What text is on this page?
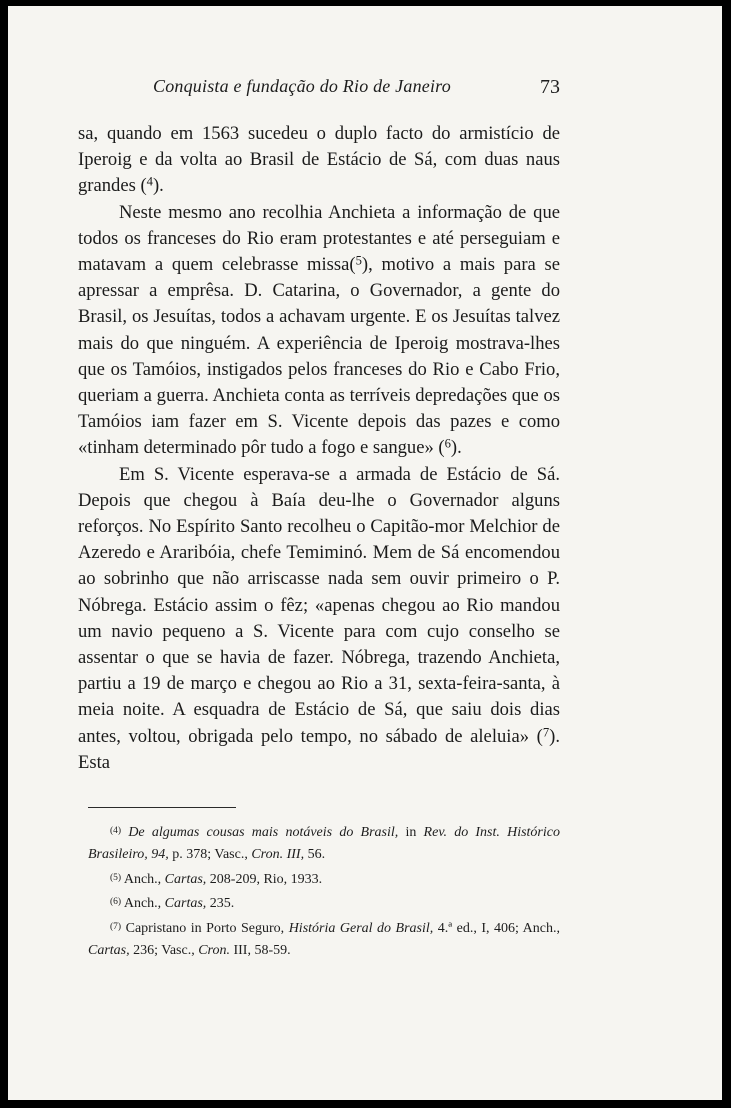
Conquista e fundação do Rio de Janeiro	73

sa, quando em 1563 sucedeu o duplo facto do armistício de Iperoig e da volta ao Brasil de Estácio de Sá, com duas naus grandes ($^4$).

Neste mesmo ano recolhia Anchieta a informação de que todos os franceses do Rio eram protestantes e até perseguiam e matavam a quem celebrasse missa($^5$), motivo a mais para se apressar a emprêsa. D. Catarina, o Governador, a gente do Brasil, os Jesuítas, todos a achavam urgente. E os Jesuítas talvez mais do que ninguém. A experiência de Iperoig mostrava-lhes que os Tamóios, instigados pelos franceses do Rio e Cabo Frio, queriam a guerra. Anchieta conta as terríveis depredações que os Tamóios iam fazer em S. Vicente depois das pazes e como «tinham determinado pôr tudo a fogo e sangue» ($^6$).

Em S. Vicente esperava-se a armada de Estácio de Sá. Depois que chegou à Baía deu-lhe o Governador alguns reforços. No Espírito Santo recolheu o Capitão-mor Melchior de Azeredo e Araribóia, chefe Temiminó. Mem de Sá encomendou ao sobrinho que não arriscasse nada sem ouvir primeiro o P. Nóbrega. Estácio assim o fêz; «apenas chegou ao Rio mandou um navio pequeno a S. Vicente para com cujo conselho se assentar o que se havia de fazer. Nóbrega, trazendo Anchieta, partiu a 19 de março e chegou ao Rio a 31, sexta-feira-santa, à meia noite. A esquadra de Estácio de Sá, que saiu dois dias antes, voltou, obrigada pelo tempo, no sábado de aleluia» ($^7$). Esta

$^{(4)}$ De algumas cousas mais notáveis do Brasil, in Rev. do Inst. Histórico Brasileiro, 94, p. 378; Vasc., Cron. III, 56.

$^{(5)}$ Anch., Cartas, 208-209, Rio, 1933.

$^{(6)}$ Anch., Cartas, 235.

$^{(7)}$ Capristano in Porto Seguro, História Geral do Brasil, 4.ª ed., I, 406; Anch., Cartas, 236; Vasc., Cron. III, 58-59.
